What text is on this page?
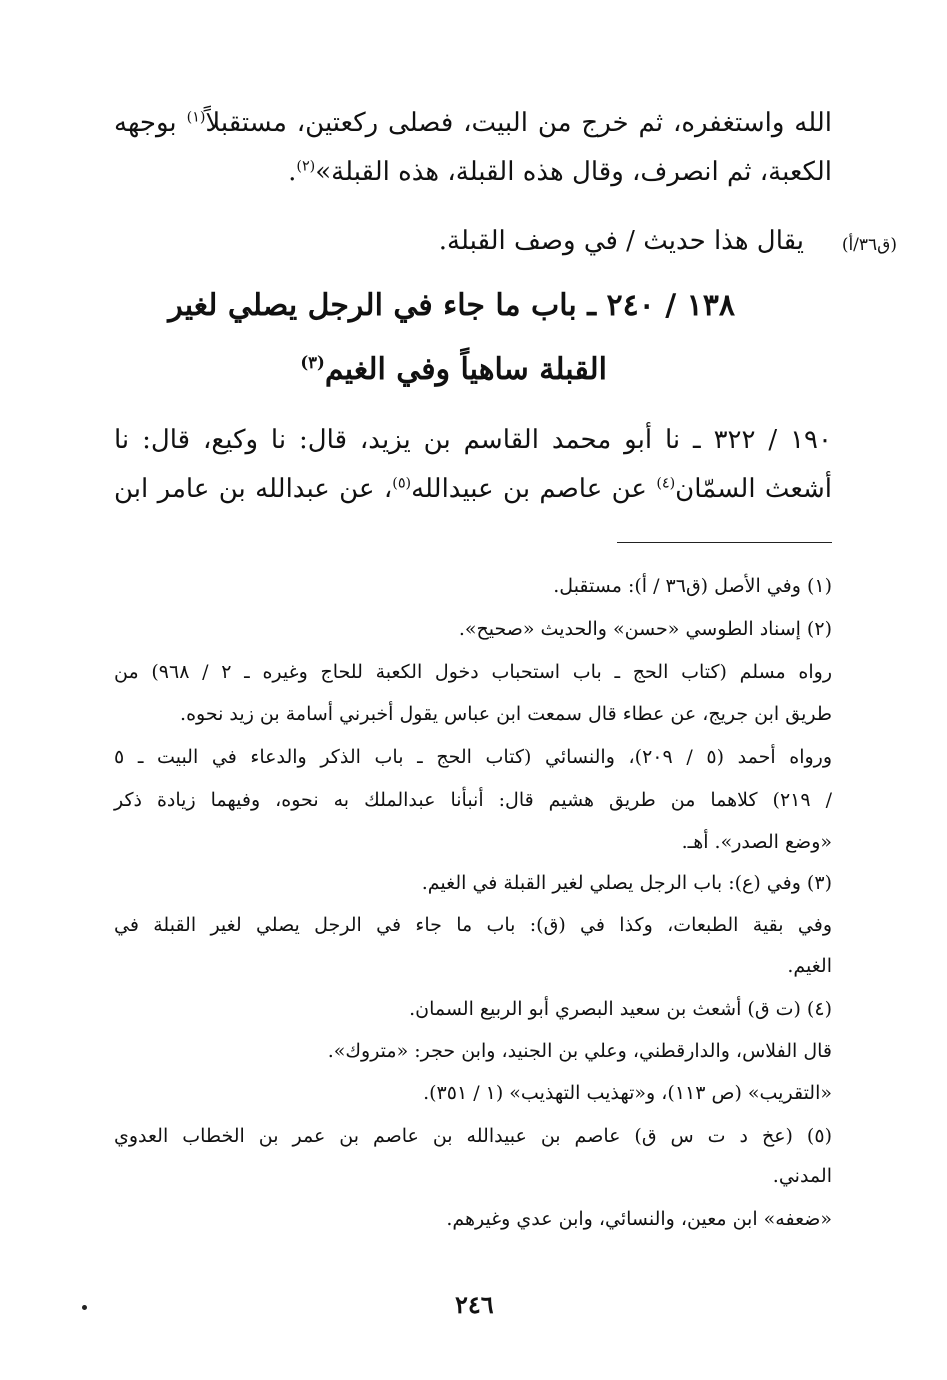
الله واستغفره، ثم خرج من البيت، فصلى ركعتين، مستقبلاً$^{(١)}$ بوجهه
الكعبة، ثم انصرف، وقال هذه القبلة، هذه القبلة»$^{(٢)}$.
(ق٣٦/أ)
يقال هذا حديث / في وصف القبلة.
١٣٨ / ٢٤٠ ـ باب ما جاء في الرجل يصلي لغير
القبلة ساهياً وفي الغيم$^{(٣)}$
١٩٠ / ٣٢٢ ـ نا أبو محمد القاسم بن يزيد، قال: نا وكيع، قال: نا
أشعث السمّان$^{(٤)}$ عن عاصم بن عبيدالله$^{(٥)}$، عن عبدالله بن عامر ابن
(١) وفي الأصل (ق٣٦ / أ): مستقبل.
(٢) إسناد الطوسي «حسن» والحديث «صحيح».
رواه مسلم (كتاب الحج ـ باب استحباب دخول الكعبة للحاج وغيره ـ ٢ / ٩٦٨) من
طريق ابن جريج، عن عطاء قال سمعت ابن عباس يقول أخبرني أسامة بن زيد نحوه.
ورواه أحمد (٥ / ٢٠٩)، والنسائي (كتاب الحج ـ باب الذكر والدعاء في البيت ـ ٥
/ ٢١٩) كلاهما من طريق هشيم قال: أنبأنا عبدالملك به نحوه، وفيهما زيادة ذكر
«وضع الصدر». أهـ.
(٣) وفي (ع): باب الرجل يصلي لغير القبلة في الغيم.
وفي بقية الطبعات، وكذا في (ق): باب ما جاء في الرجل يصلي لغير القبلة في
الغيم.
(٤) (ت ق) أشعث بن سعيد البصري أبو الربيع السمان.
قال الفلاس، والدارقطني، وعلي بن الجنيد، وابن حجر: «متروك».
«التقريب» (ص ١١٣)، و«تهذيب التهذيب» (١ / ٣٥١).
(٥) (عخ د ت س ق) عاصم بن عبيدالله بن عاصم بن عمر بن الخطاب العدوي
المدني.
«ضعفه» ابن معين، والنسائي، وابن عدي وغيرهم.
٢٤٦
